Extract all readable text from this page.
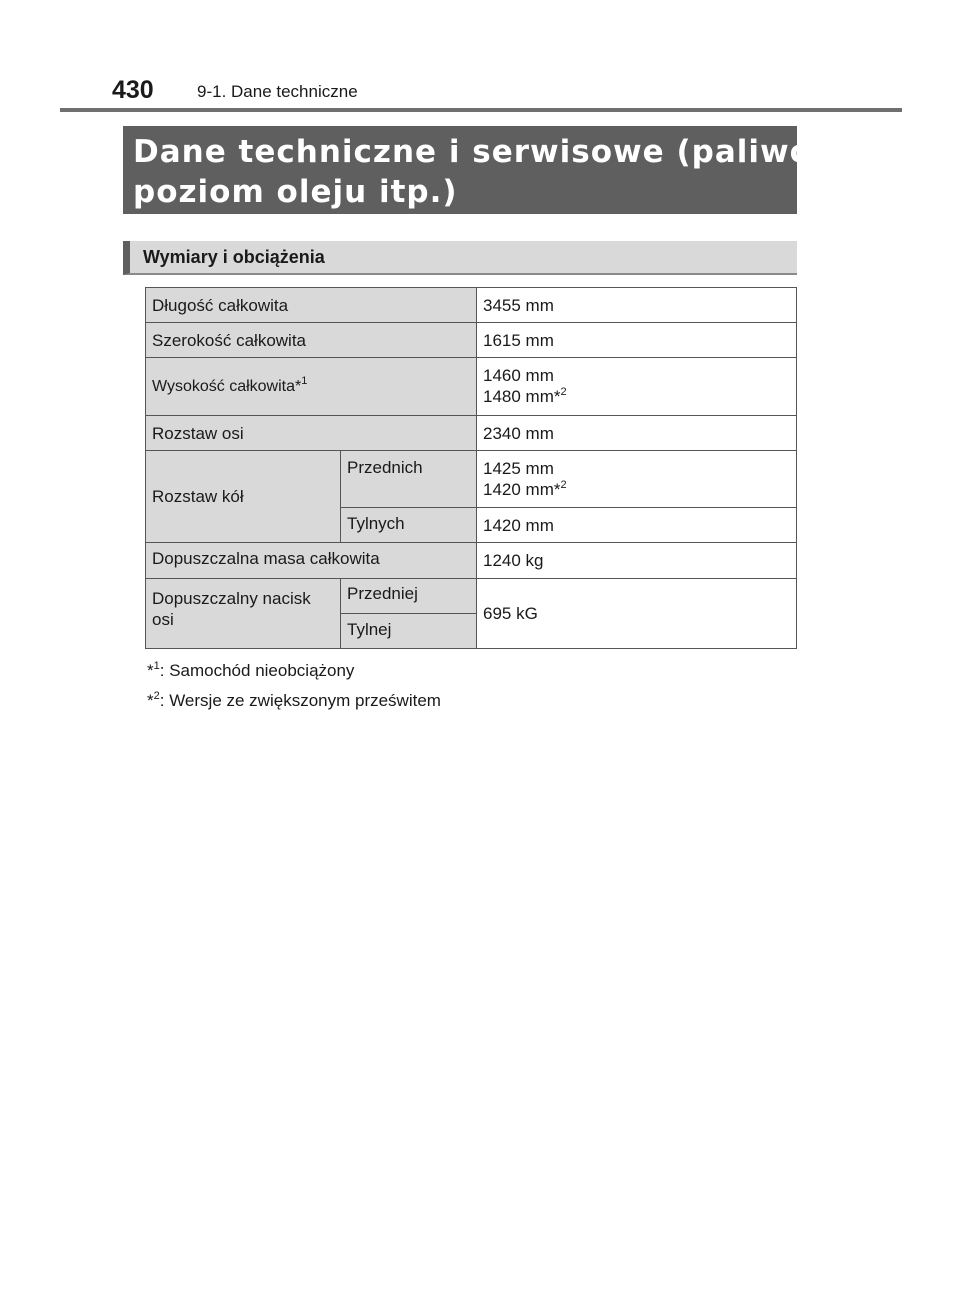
430	9-1. Dane techniczne
Dane techniczne i serwisowe (paliwo,
poziom oleju itp.)
Wymiary i obciążenia
Długość całkowita		3455 mm
Szerokość całkowita		1615 mm
Wysokość całkowita*$^1$		1460 mm
1480 mm*$^2$

Rozstaw osi		2340 mm
Rozstaw kół	Przednich	1425 mm
1420 mm*$^2$

	Tylnych	1420 mm
Dopuszczalna masa całkowita		1240 kg

Dopuszczalny nacisk
osi	Przedniej	695 kG
	Tylnej	
*$^1$: Samochód nieobciążony
*$^2$: Wersje ze zwiększonym prześwitem
